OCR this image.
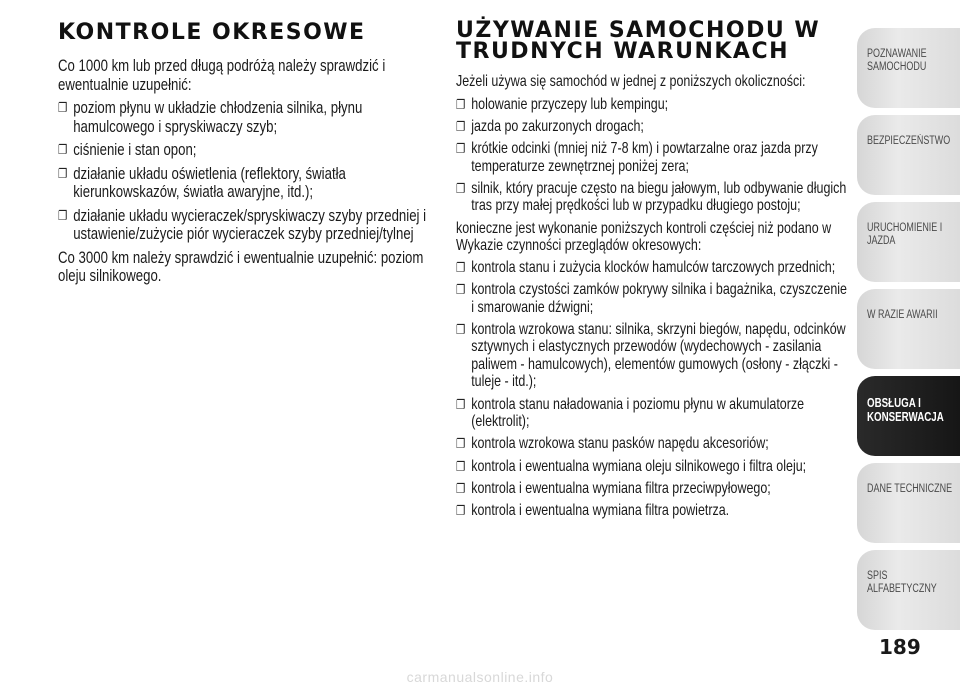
KONTROLE OKRESOWE

Co 1000 km lub przed długą podróżą należy sprawdzić i ewentualnie uzupełnić:

❐ poziom płynu w układzie chłodzenia silnika, płynu hamulcowego i spryskiwaczy szyb;
❐ ciśnienie i stan opon;
❐ działanie układu oświetlenia (reflektory, światła kierunkowskazów, światła awaryjne, itd.);
❐ działanie układu wycieraczek/spryskiwaczy szyby przedniej i ustawienie/zużycie piór wycieraczek szyby przedniej/tylnej

Co 3000 km należy sprawdzić i ewentualnie uzupełnić: poziom oleju silnikowego.

UŻYWANIE SAMOCHODU W
TRUDNYCH WARUNKACH

Jeżeli używa się samochód w jednej z poniższych okoliczności:

❐ holowanie przyczepy lub kempingu;
❐ jazda po zakurzonych drogach;
❐ krótkie odcinki (mniej niż 7-8 km) i powtarzalne oraz jazda przy temperaturze zewnętrznej poniżej zera;
❐ silnik, który pracuje często na biegu jałowym, lub odbywanie długich tras przy małej prędkości lub w przypadku długiego postoju;

konieczne jest wykonanie poniższych kontroli częściej niż podano w Wykazie czynności przeglądów okresowych:

❐ kontrola stanu i zużycia klocków hamulców tarczowych przednich;
❐ kontrola czystości zamków pokrywy silnika i bagażnika, czyszczenie i smarowanie dźwigni;
❐ kontrola wzrokowa stanu: silnika, skrzyni biegów, napędu, odcinków sztywnych i elastycznych przewodów (wydechowych - zasilania paliwem - hamulcowych), elementów gumowych (osłony - złączki - tuleje - itd.);
❐ kontrola stanu naładowania i poziomu płynu w akumulatorze (elektrolit);
❐ kontrola wzrokowa stanu pasków napędu akcesoriów;
❐ kontrola i ewentualna wymiana oleju silnikowego i filtra oleju;
❐ kontrola i ewentualna wymiana filtra przeciwpyłowego;
❐ kontrola i ewentualna wymiana filtra powietrza.
POZNAWANIE
SAMOCHODU
BEZPIECZEŃSTWO

URUCHOMIENIE I
JAZDA
W RAZIE AWARII

OBSŁUGA I
KONSERWACJA
DANE TECHNICZNE

SPIS ALFABETYCZNY

189
carmanualsonline.info
